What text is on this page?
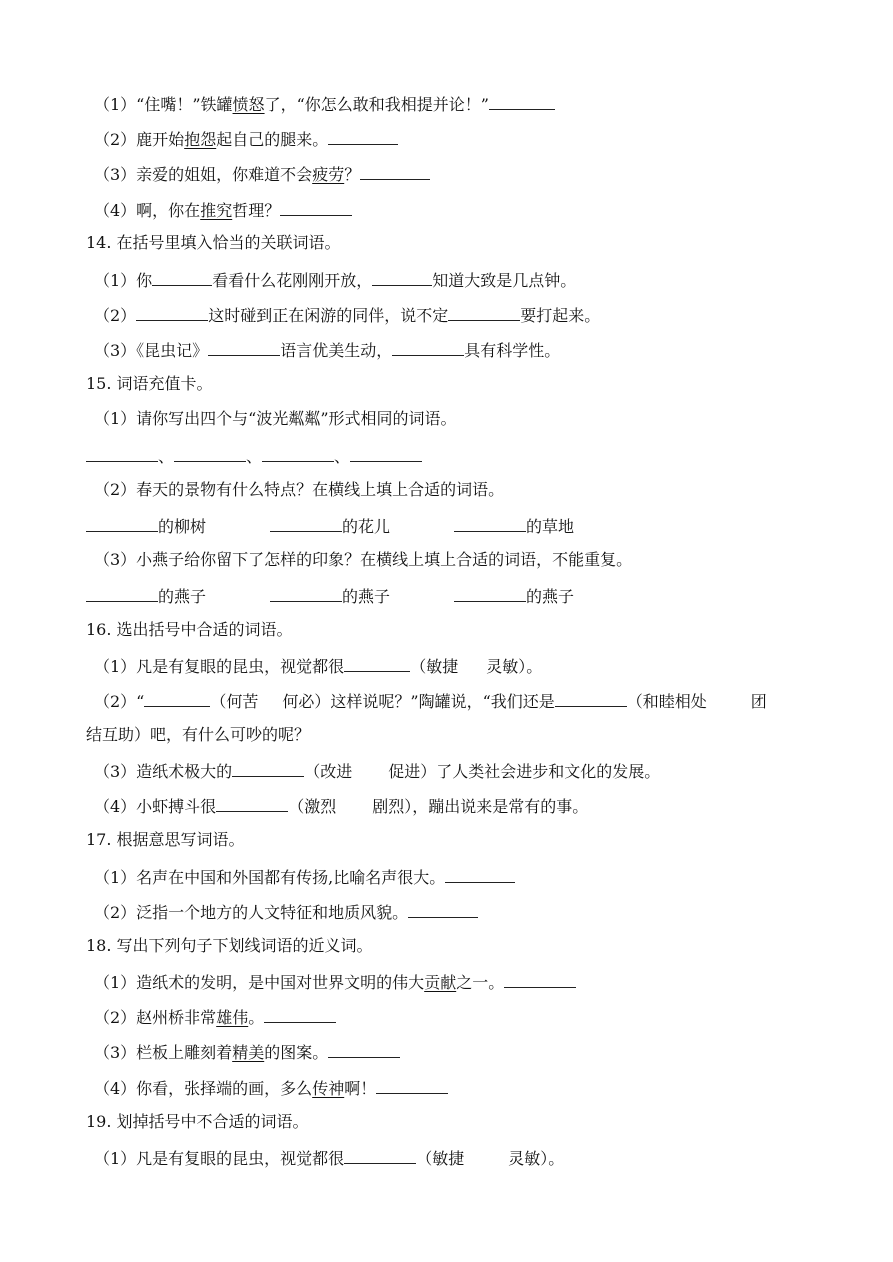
（1）“住嘴！”铁罐愤怒了，“你怎么敢和我相提并论！”
（2）鹿开始抱怨起自己的腿来。
（3）亲爱的姐姐，你难道不会疲劳？
（4）啊，你在推究哲理？
14. 在括号里填入恰当的关联词语。
（1）你	看看什么花刚刚开放，	知道大致是几点钟。
（2）	这时碰到正在闲游的同伴，说不定	要打起来。
（3）《昆虫记》	语言优美生动，	具有科学性。
15. 词语充值卡。
（1）请你写出四个与“波光粼粼”形式相同的词语。
、	、	、
（2）春天的景物有什么特点？在横线上填上合适的词语。
的柳树	的花儿	的草地
（3）小燕子给你留下了怎样的印象？在横线上填上合适的词语，不能重复。
的燕子	的燕子	的燕子
16. 选出括号中合适的词语。
（1）凡是有复眼的昆虫，视觉都很	（敏捷 灵敏）。
（2）“	（何苦 何必）这样说呢？”陶罐说，“我们还是	（和睦相处	团
结互助）吧，有什么可吵的呢？
（3）造纸术极大的	（改进 促进）了人类社会进步和文化的发展。
（4）小虾搏斗很	（激烈 剧烈），蹦出说来是常有的事。
17. 根据意思写词语。
（1）名声在中国和外国都有传扬,比喻名声很大。
（2）泛指一个地方的人文特征和地质风貌。
18. 写出下列句子下划线词语的近义词。
（1）造纸术的发明，是中国对世界文明的伟大贡献之一。
（2）赵州桥非常雄伟。
（3）栏板上雕刻着精美的图案。
（4）你看，张择端的画，多么传神啊！
19. 划掉括号中不合适的词语。
（1）凡是有复眼的昆虫，视觉都很	（敏捷	灵敏）。
